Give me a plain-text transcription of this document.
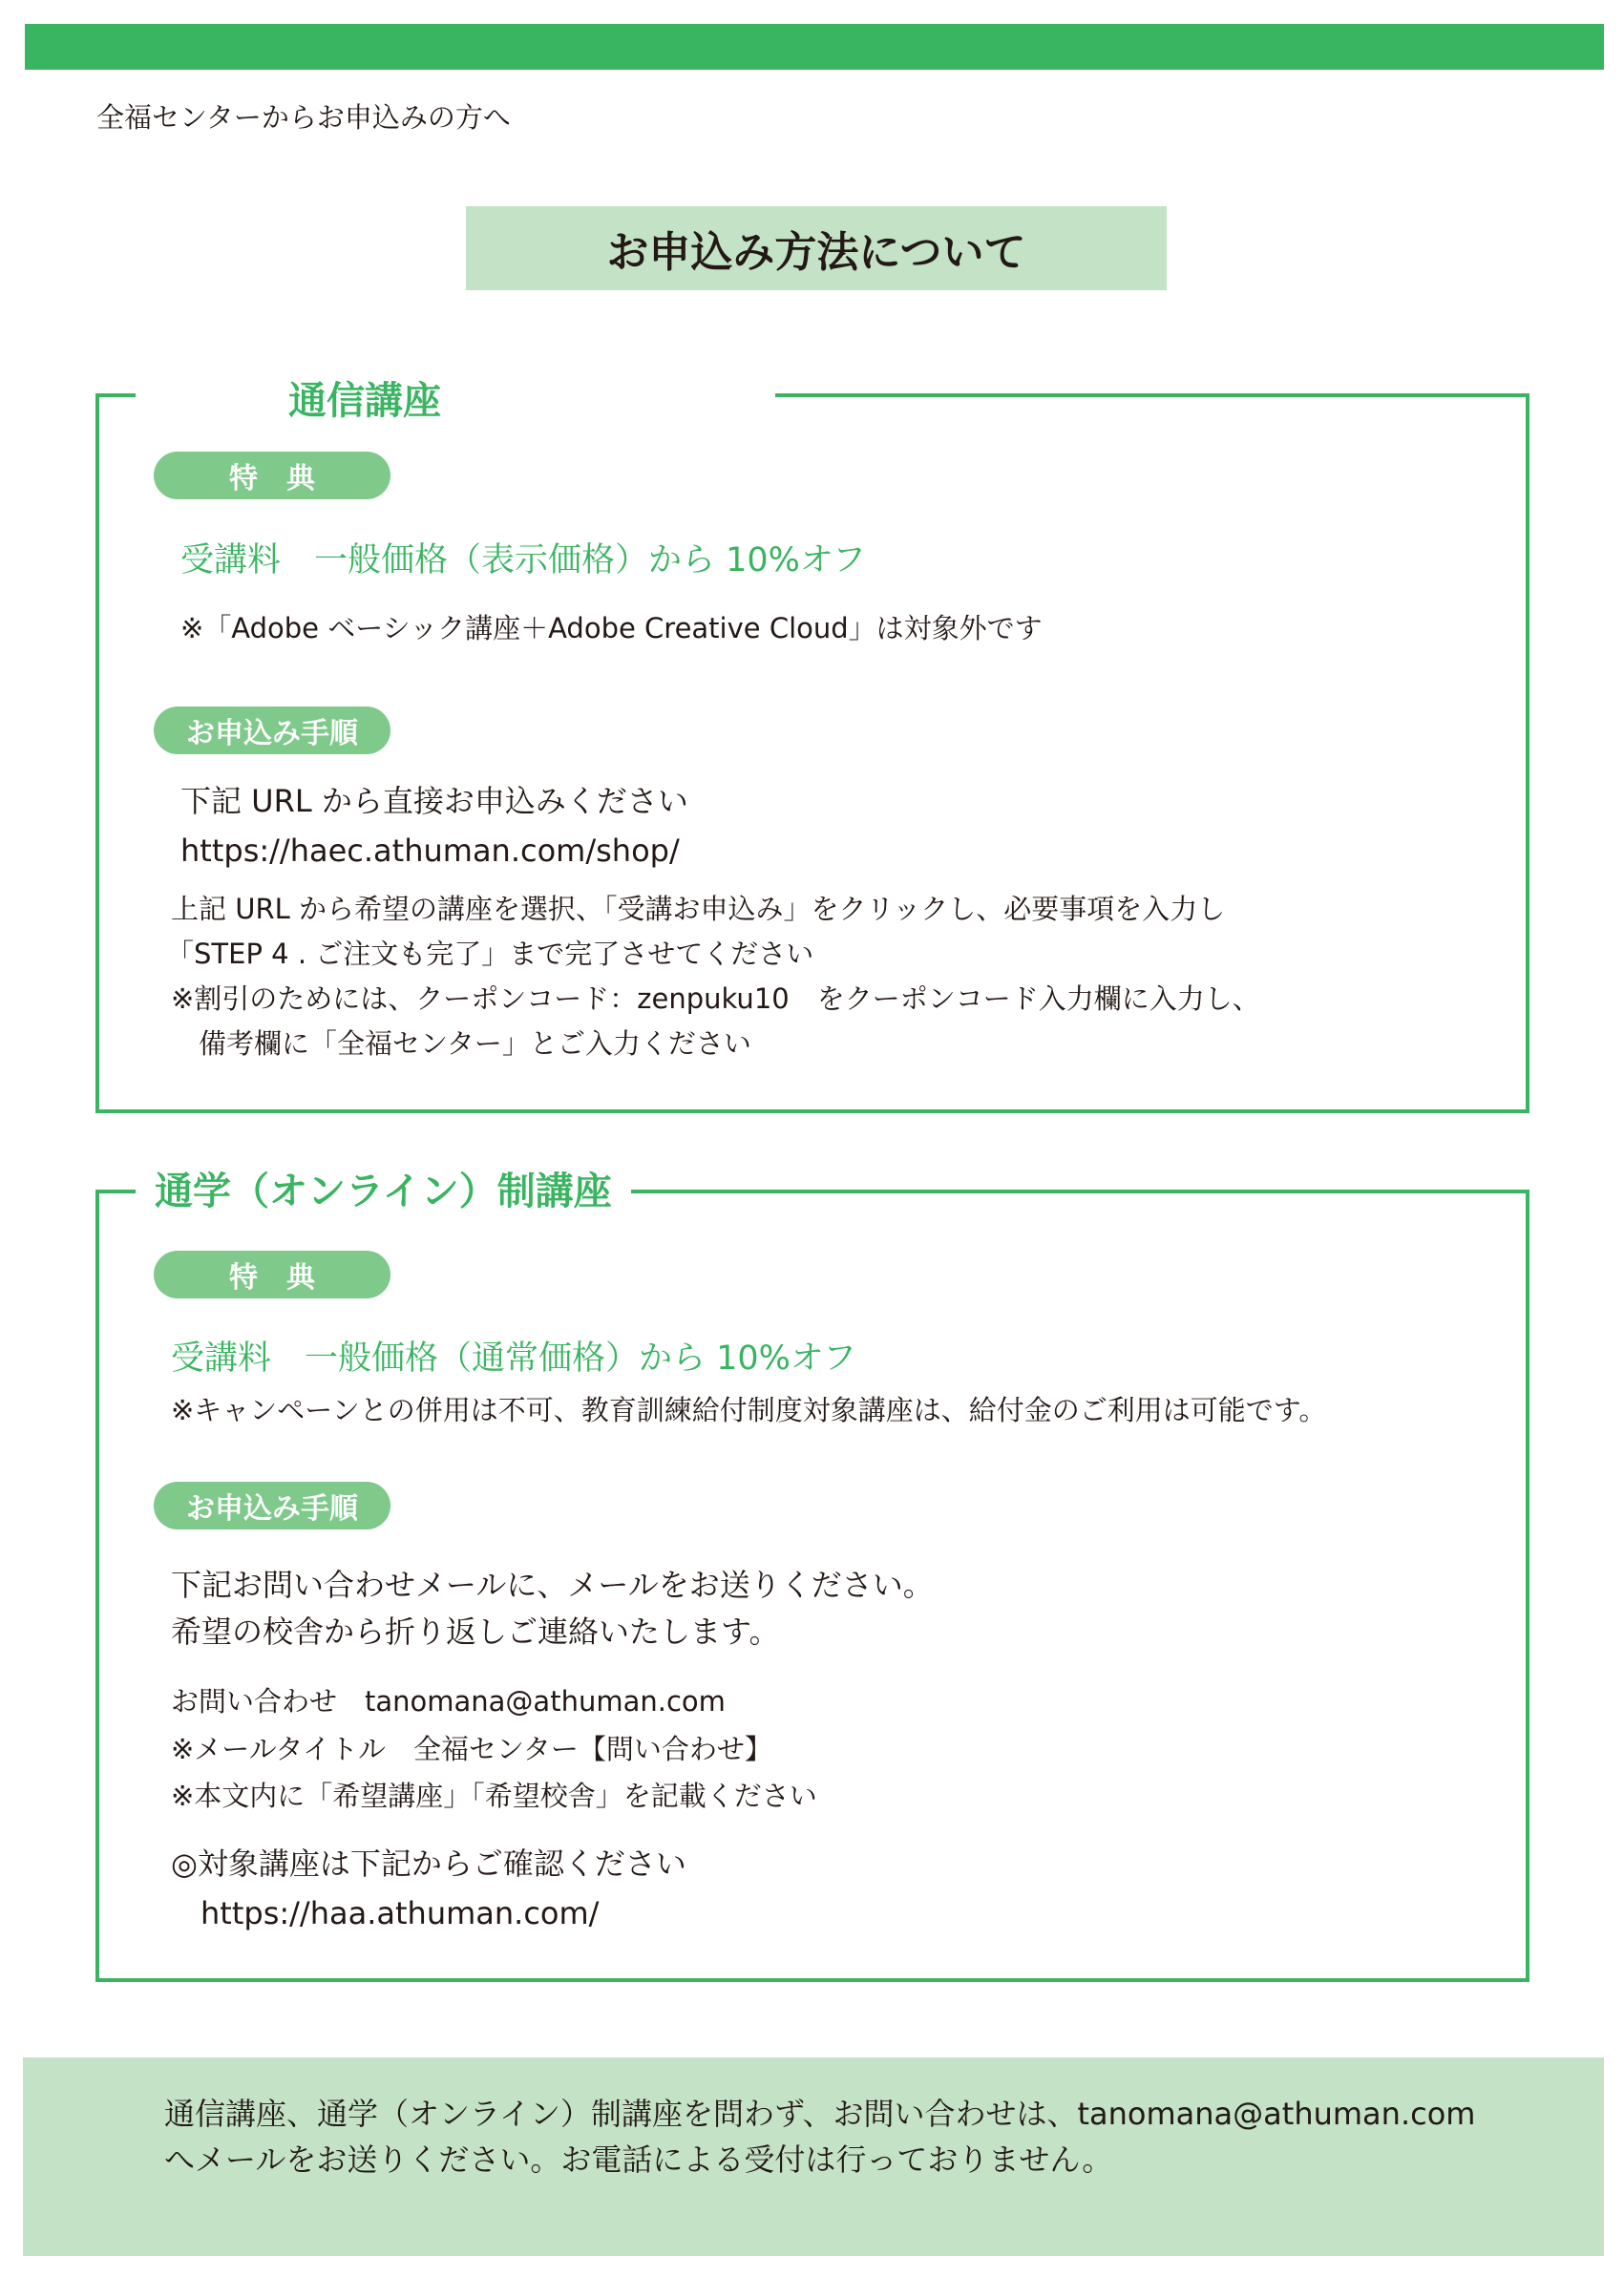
全福センターからお申込みの方へ
お申込み方法について
通信講座
特　典
受講料　一般価格（表示価格）から 10%オフ
※「Adobe ベーシック講座＋Adobe Creative Cloud」は対象外です
お申込み手順
下記 URL から直接お申込みください
https://haec.athuman.com/shop/
上記 URL から希望の講座を選択、「受講お申込み」をクリックし、必要事項を入力し
「STEP 4 . ご注文も完了」まで完了させてください
※割引のためには、クーポンコード：zenpuku10　をクーポンコード入力欄に入力し、
　備考欄に「全福センター」とご入力ください
通学（オンライン）制講座
特　典
受講料　一般価格（通常価格）から 10%オフ
※キャンペーンとの併用は不可、教育訓練給付制度対象講座は、給付金のご利用は可能です。
お申込み手順
下記お問い合わせメールに、メールをお送りください。
希望の校舎から折り返しご連絡いたします。
お問い合わせ　tanomana@athuman.com
※メールタイトル　全福センター【問い合わせ】
※本文内に「希望講座」「希望校舎」を記載ください
◎対象講座は下記からご確認ください
https://haa.athuman.com/
通信講座、通学（オンライン）制講座を問わず、お問い合わせは、tanomana@athuman.com
へメールをお送りください。お電話による受付は行っておりません。
